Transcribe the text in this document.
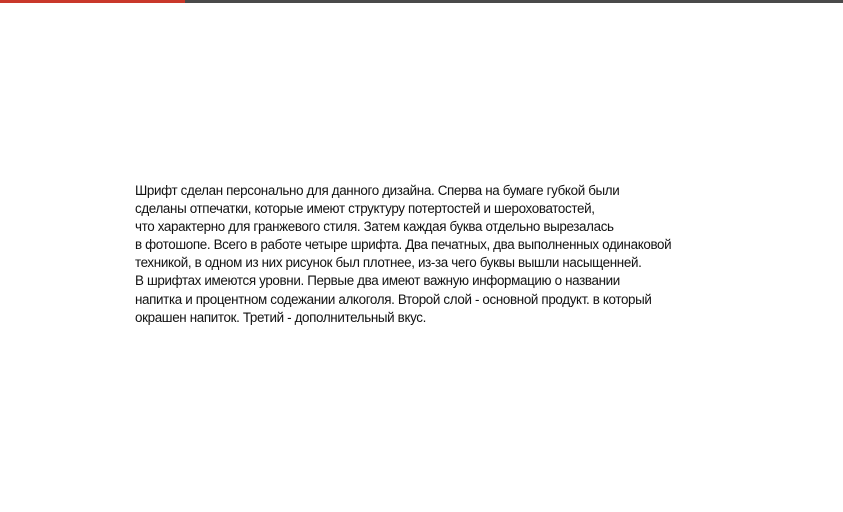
Шрифт сделан персонально для данного дизайна. Сперва на бумаге губкой были
сделаны отпечатки, которые имеют структуру потертостей и шероховатостей,
что характерно для гранжевого стиля. Затем каждая буква отдельно вырезалась
в фотошопе. Всего в работе четыре шрифта. Два печатных, два выполненных одинаковой
техникой, в одном из них рисунок был плотнее, из-за чего буквы вышли насыщенней.
В шрифтах имеются уровни. Первые два имеют важную информацию о названии
напитка и процентном содежании алкоголя. Второй слой - основной продукт. в который
окрашен напиток. Третий - дополнительный вкус.
